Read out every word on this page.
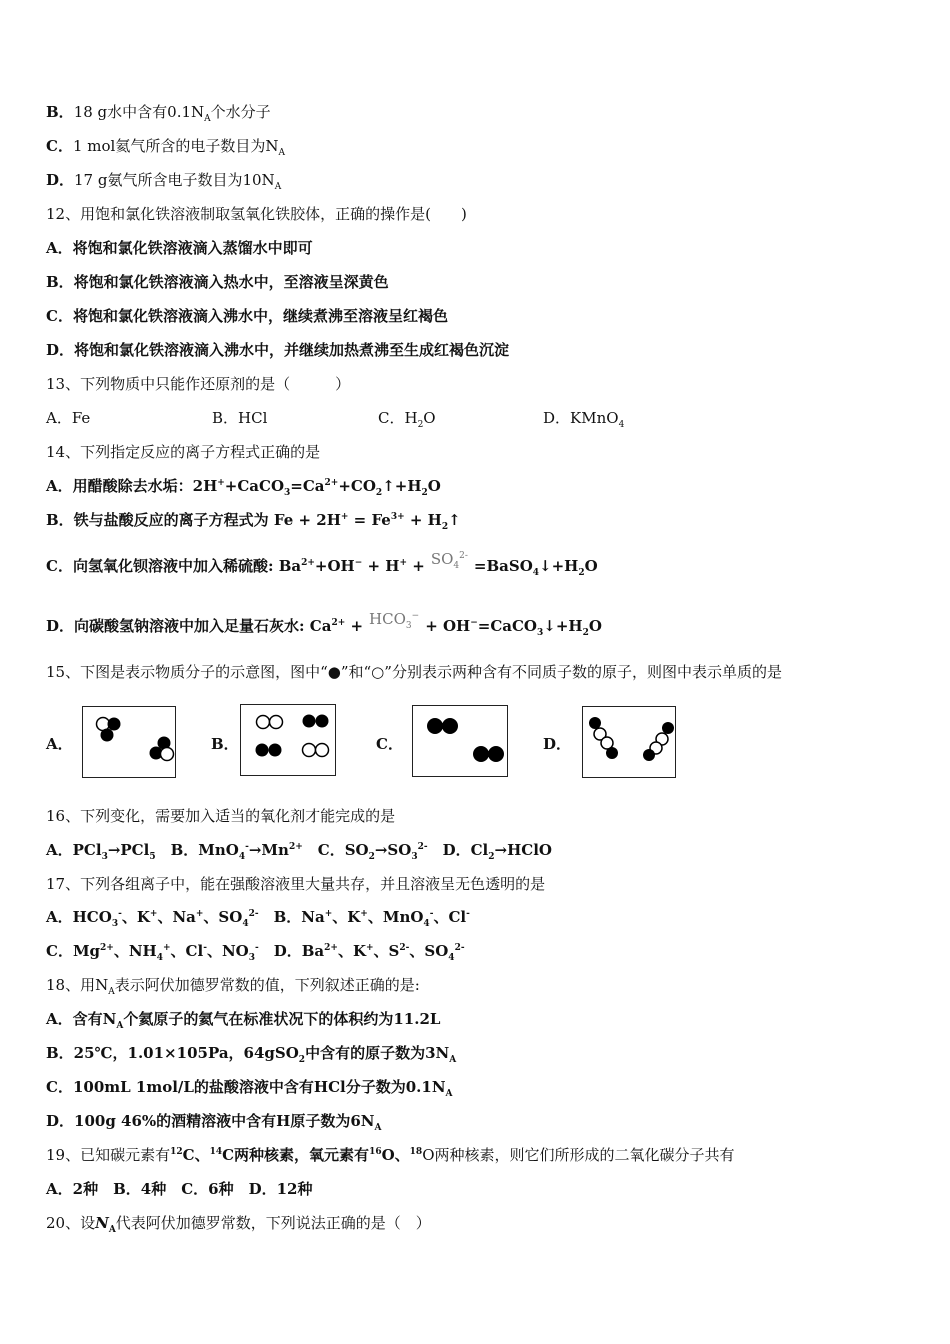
B．18 g水中含有$0.1N_A$个水分子
C．1 mol氦气所含的电子数目为$N_A$
D．17 g氨气所含电子数目为$10N_A$
12、用饱和氯化铁溶液制取氢氧化铁胶体，正确的操作是(　　)
A．将饱和氯化铁溶液滴入蒸馏水中即可
B．将饱和氯化铁溶液滴入热水中，至溶液呈深黄色
C．将饱和氯化铁溶液滴入沸水中，继续煮沸至溶液呈红褐色
D．将饱和氯化铁溶液滴入沸水中，并继续加热煮沸至生成红褐色沉淀
13、下列物质中只能作还原剂的是（　　　）
A．Fe	B．HCl	C．$H_2O$	D．KMnO$_4$
14、下列指定反应的离子方程式正确的是
A．用醋酸除去水垢：$2H^++CaCO_3=Ca^{2+}+CO_2↑+H_2O$
B．铁与盐酸反应的离子方程式为 $Fe + 2H^+ = Fe^{3+}$ + $H_2↑$
C．向氢氧化钡溶液中加入稀硫酸: $Ba^{2+}+OH^- + H^+$ + $SO_4^{2-}=BaSO_4↓+H_2O$
D．向碳酸氢钠溶液中加入足量石灰水: $Ca^{2+} + HCO_3^-+$ $OH^-=CaCO_3↓+H_2O$
15、下图是表示物质分子的示意图，图中“●”和“○”分别表示两种含有不同质子数的原子，则图中表示单质的是
A．	B．	C．	D．
16、下列变化，需要加入适当的氧化剂才能完成的是
A．PCl$_3$→PCl$_5$　B．$MnO_4^-\to Mn^{2+}$　C．$SO_2\to SO_3^{2-}$　D．$Cl_2\to HClO$
17、下列各组离子中，能在强酸溶液里大量共存，并且溶液呈无色透明的是
A．$HCO_3^-$、K+、Na+、$SO_4^{2-}$　B．Na+、K+、MnO$_4$-、Cl-
C．$Mg^{2+}$、$NH_4^+$、Cl-、$NO_3^-$　D．$Ba^{2+}$、K+、$S^{2-}$、$SO_4^{2-}$
18、用$N_A$表示阿伏加德罗常数的值，下列叙述正确的是:
A．含有$N_A$个氦原子的氦气在标准状况下的体积约为11.2L
B．25℃，1.01×105Pa，64gSO$_2$中含有的原子数为$3N_A$
C．100mL 1mol/L的盐酸溶液中含有HCl分子数为$0.1N_A$
D．100g 46%的酒精溶液中含有H原子数为$6N_A$
19、已知碳元素有$^{12}$C、$^{14}$C两种核素，氧元素有$^{16}$O、$^{18}$O两种核素，则它们所形成的二氧化碳分子共有
A．2种　B．4种　C．6种　D．12种
20、设$N_A$代表阿伏加德罗常数，下列说法正确的是（　）
